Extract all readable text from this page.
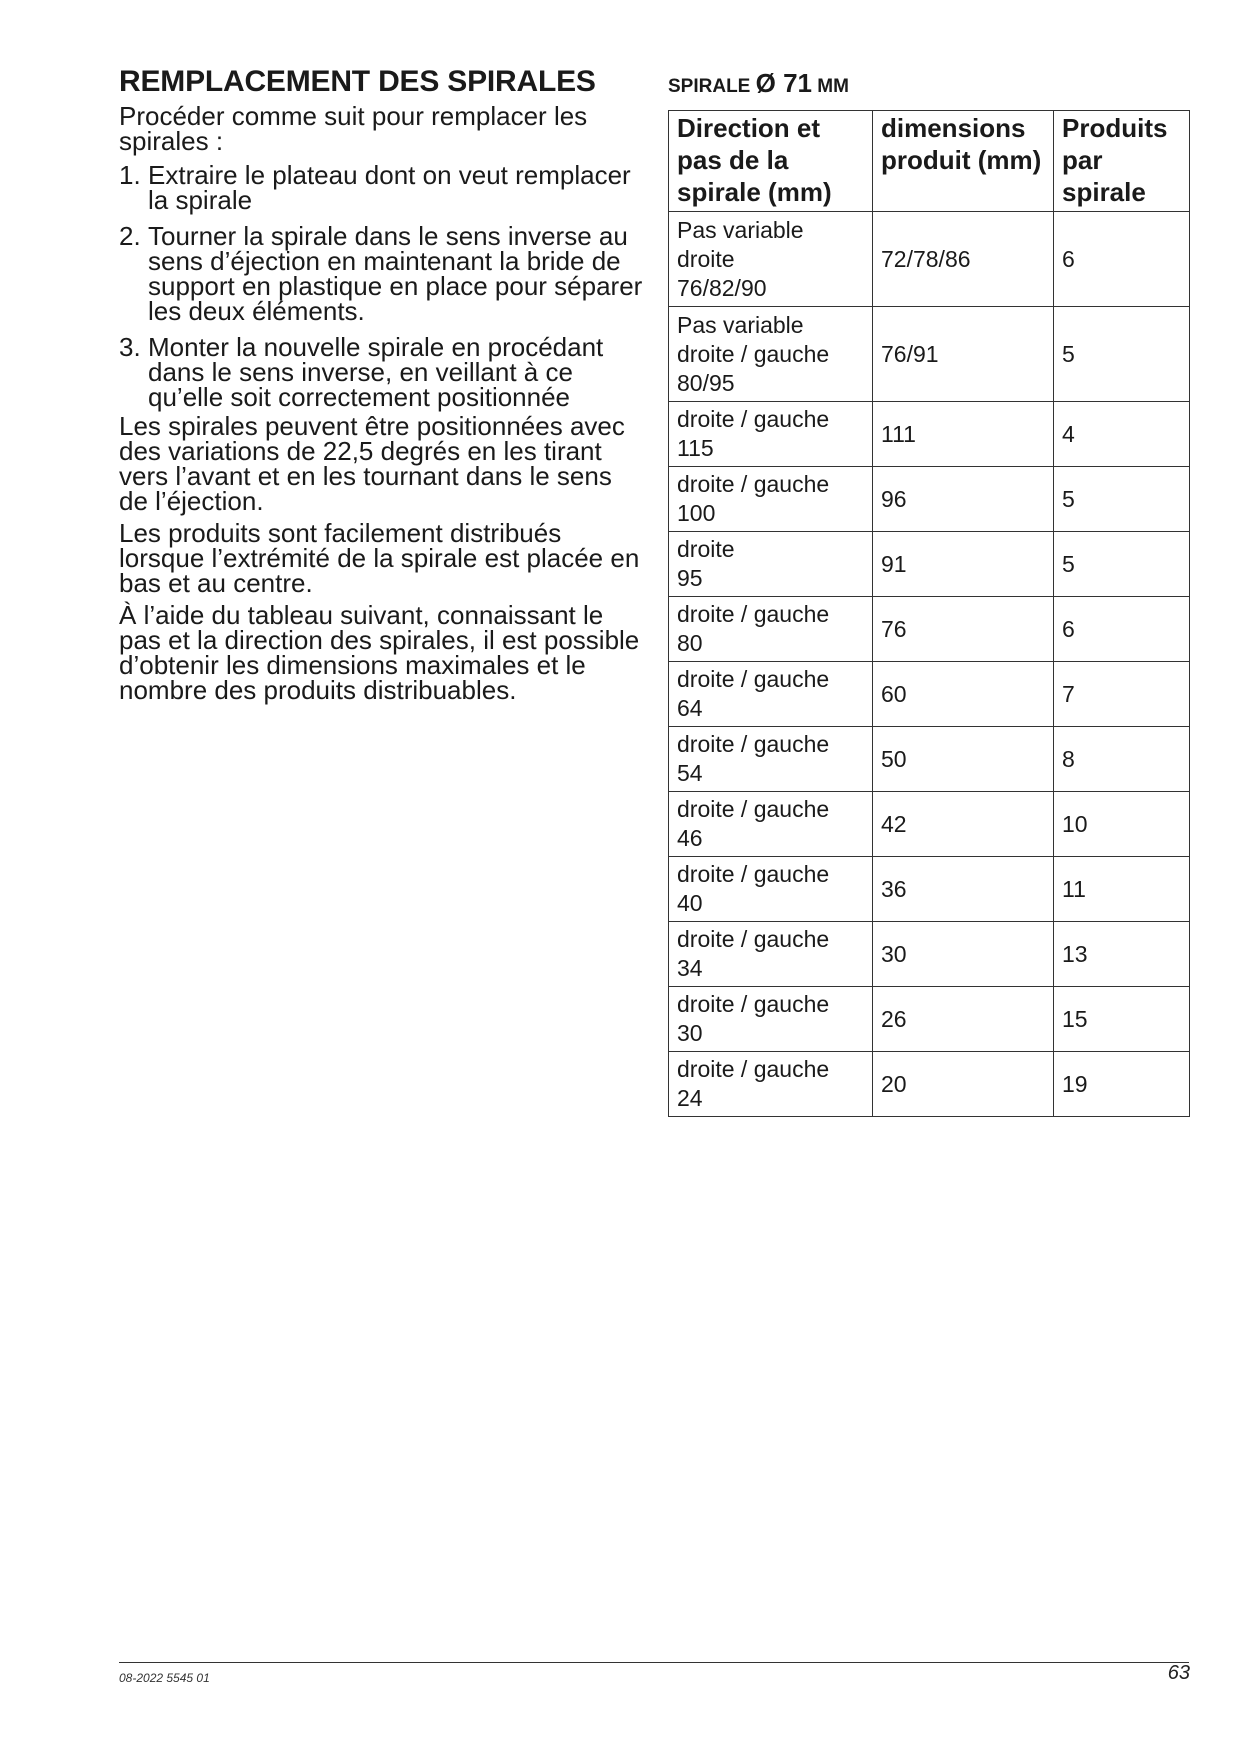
REMPLACEMENT DES SPIRALES

Procéder comme suit pour remplacer les spirales :

1. Extraire le plateau dont on veut remplacer la spirale
2. Tourner la spirale dans le sens inverse au sens d’éjection en maintenant la bride de support en plastique en place pour séparer les deux éléments.
3. Monter la nouvelle spirale en procédant dans le sens inverse, en veillant à ce qu’elle soit correctement positionnée

Les spirales peuvent être positionnées avec des variations de 22,5 degrés en les tirant vers l’avant et en les tournant dans le sens de l’éjection.

Les produits sont facilement distribués lorsque l’extrémité de la spirale est placée en bas et au centre.

À l’aide du tableau suivant, connaissant le pas et la direction des spirales, il est possible d’obtenir les dimensions maximales et le nombre des produits distribuables.

SPIRALE Ø 71 MM
Direction et pas de la spirale (mm)	dimensions produit (mm)	Produits par spirale

Pas variable
droite
76/82/90	72/78/86	6

Pas variable
droite / gauche
80/95	76/91	5

droite / gauche
115	111	4

droite / gauche
100	96	5

droite
95	91	5

droite / gauche
80	76	6

droite / gauche
64	60	7

droite / gauche
54	50	8

droite / gauche
46	42	10

droite / gauche
40	36	11

droite / gauche
34	30	13

droite / gauche
30	26	15

droite / gauche
24	20	19
08-2022 5545 01	63
